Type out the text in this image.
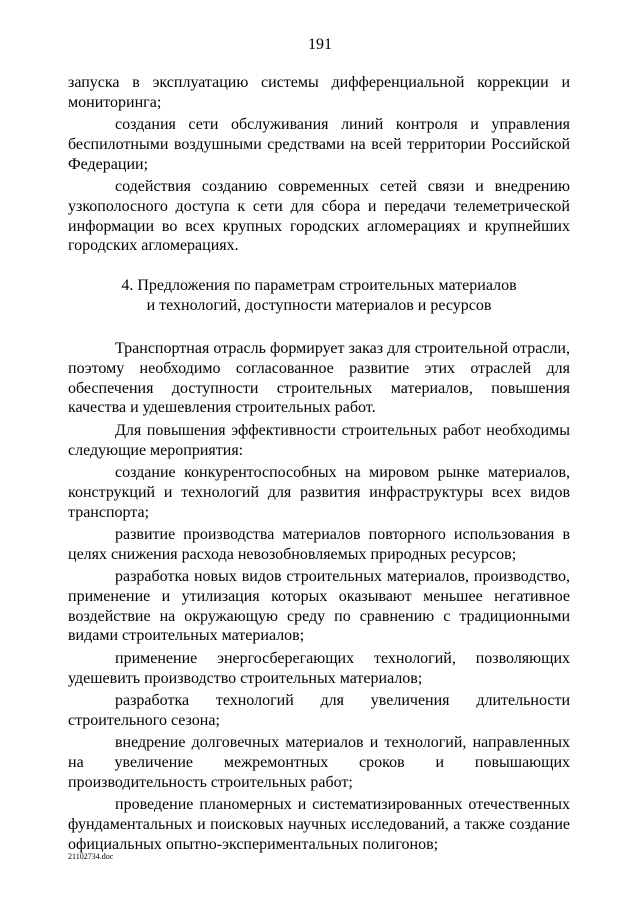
191

запуска в эксплуатацию системы дифференциальной коррекции и мониторинга;

создания сети обслуживания линий контроля и управления беспилотными воздушными средствами на всей территории Российской Федерации;

содействия созданию современных сетей связи и внедрению узкополосного доступа к сети для сбора и передачи телеметрической информации во всех крупных городских агломерациях и крупнейших городских агломерациях.

4. Предложения по параметрам строительных материалов
и технологий, доступности материалов и ресурсов

Транспортная отрасль формирует заказ для строительной отрасли, поэтому необходимо согласованное развитие этих отраслей для обеспечения доступности строительных материалов, повышения качества и удешевления строительных работ.

Для повышения эффективности строительных работ необходимы следующие мероприятия:

создание конкурентоспособных на мировом рынке материалов, конструкций и технологий для развития инфраструктуры всех видов транспорта;

развитие производства материалов повторного использования в целях снижения расхода невозобновляемых природных ресурсов;

разработка новых видов строительных материалов, производство, применение и утилизация которых оказывают меньшее негативное воздействие на окружающую среду по сравнению с традиционными видами строительных материалов;

применение энергосберегающих технологий, позволяющих удешевить производство строительных материалов;

разработка технологий для увеличения длительности строительного сезона;

внедрение долговечных материалов и технологий, направленных на увеличение межремонтных сроков и повышающих производительность строительных работ;

проведение планомерных и систематизированных отечественных фундаментальных и поисковых научных исследований, а также создание официальных опытно-экспериментальных полигонов;

21102734.doc
